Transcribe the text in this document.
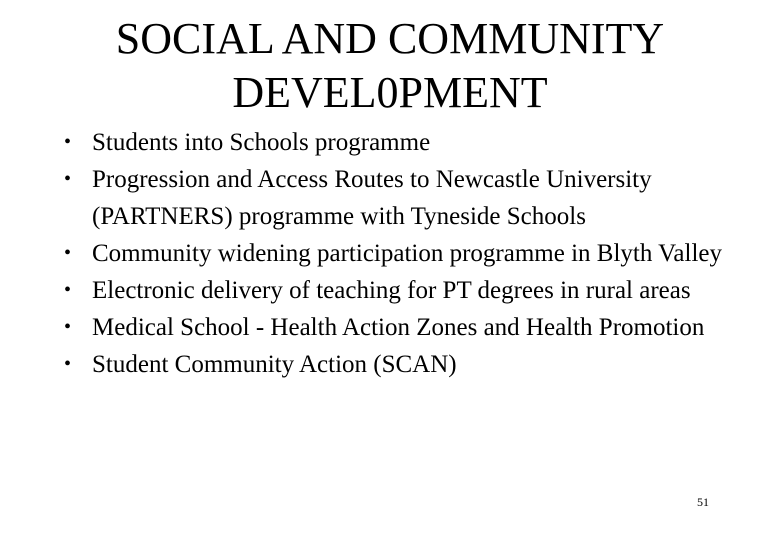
SOCIAL AND COMMUNITY
DEVEL0PMENT
• Students into Schools programme
• Progression and Access Routes to Newcastle University (PARTNERS) programme with Tyneside Schools
• Community widening participation programme in Blyth Valley
• Electronic delivery of teaching for PT degrees in rural areas
• Medical School - Health Action Zones and Health Promotion
• Student Community Action (SCAN)
51
